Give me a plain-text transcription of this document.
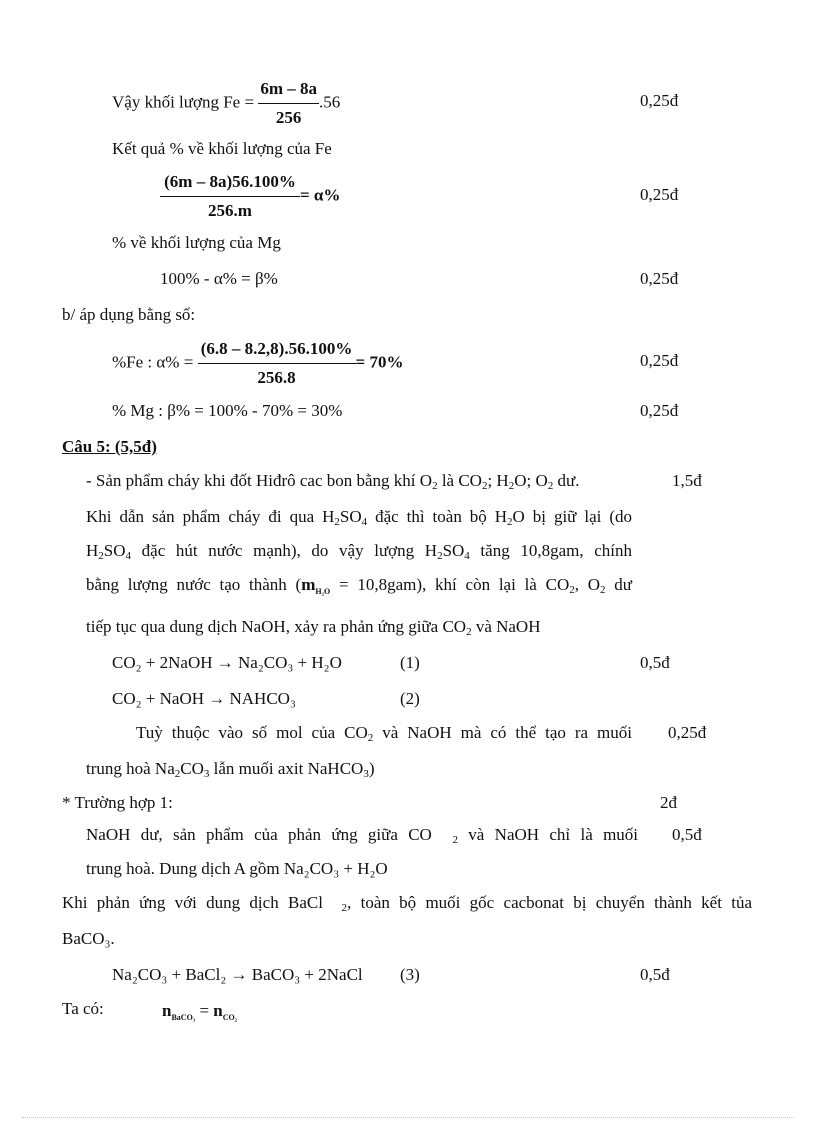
Vậy khối lượng $Fe = \frac{6m - 8a}{256} .56$	0,25đ
Kết quả % về khối lượng của Fe
$\frac{(6m - 8a)56.100\%}{256.m} = \alpha\%$	0,25đ
% về khối lượng của Mg
100% - α% = β%	0,25đ
b/ áp dụng bằng số:
%Fe : $\alpha\% = \frac{(6.8 - 8.2,8).56.100\%}{256.8} = 70\%$	0,25đ
% Mg : β% = 100% - 70% = 30%	0,25đ
Câu 5: (5,5đ)
- Sản phẩm cháy khi đốt Hiđrô cac bon bằng khí $O_2$ là $CO_2$; $H_2O$; $O_2$ dư.	1,5đ
Khi dẫn sản phẩm cháy đi qua $H_2SO_4$ đặc thì toàn bộ $H_2O$ bị giữ lại (do
$H_2SO_4$ đặc hút nước mạnh), do vậy lượng $H_2SO_4$ tăng 10,8gam, chính
bằng lượng nước tạo thành $(m_{H_2O} = 10,8gam)$, khí còn lại là $CO_2$, $O_2$ dư
tiếp tục qua dung dịch NaOH, xảy ra phản ứng giữa $CO_2$ và NaOH
CO₂ + 2NaOH → Na₂CO₃ + H₂O	(1)	0,5đ
CO₂ + NaOH → NAHCO₃	(2)
Tuỳ thuộc vào số mol của $CO_2$ và NaOH mà có thể tạo ra muối 0,25đ
trung hoà $Na_2CO_3$ lẫn muối axit NaHCO$_3$)
* Trường hợp 1:	2đ
NaOH dư, sản phẩm của phản ứng giữa CO $_2$ và NaOH chỉ là muối 0,5đ
trung hoà. Dung dịch A gồm Na₂CO₃ + H₂O
Khi phản ứng với dung dịch BaCl $_2$, toàn bộ muối gốc cacbonat bị chuyển thành kết tủa
BaCO₃.
Na₂CO₃ + BaCl₂ → BaCO₃ + 2NaCl (3)	0,5đ
Ta có:	$n_{BaCO_3} = n_{CO_2}$
